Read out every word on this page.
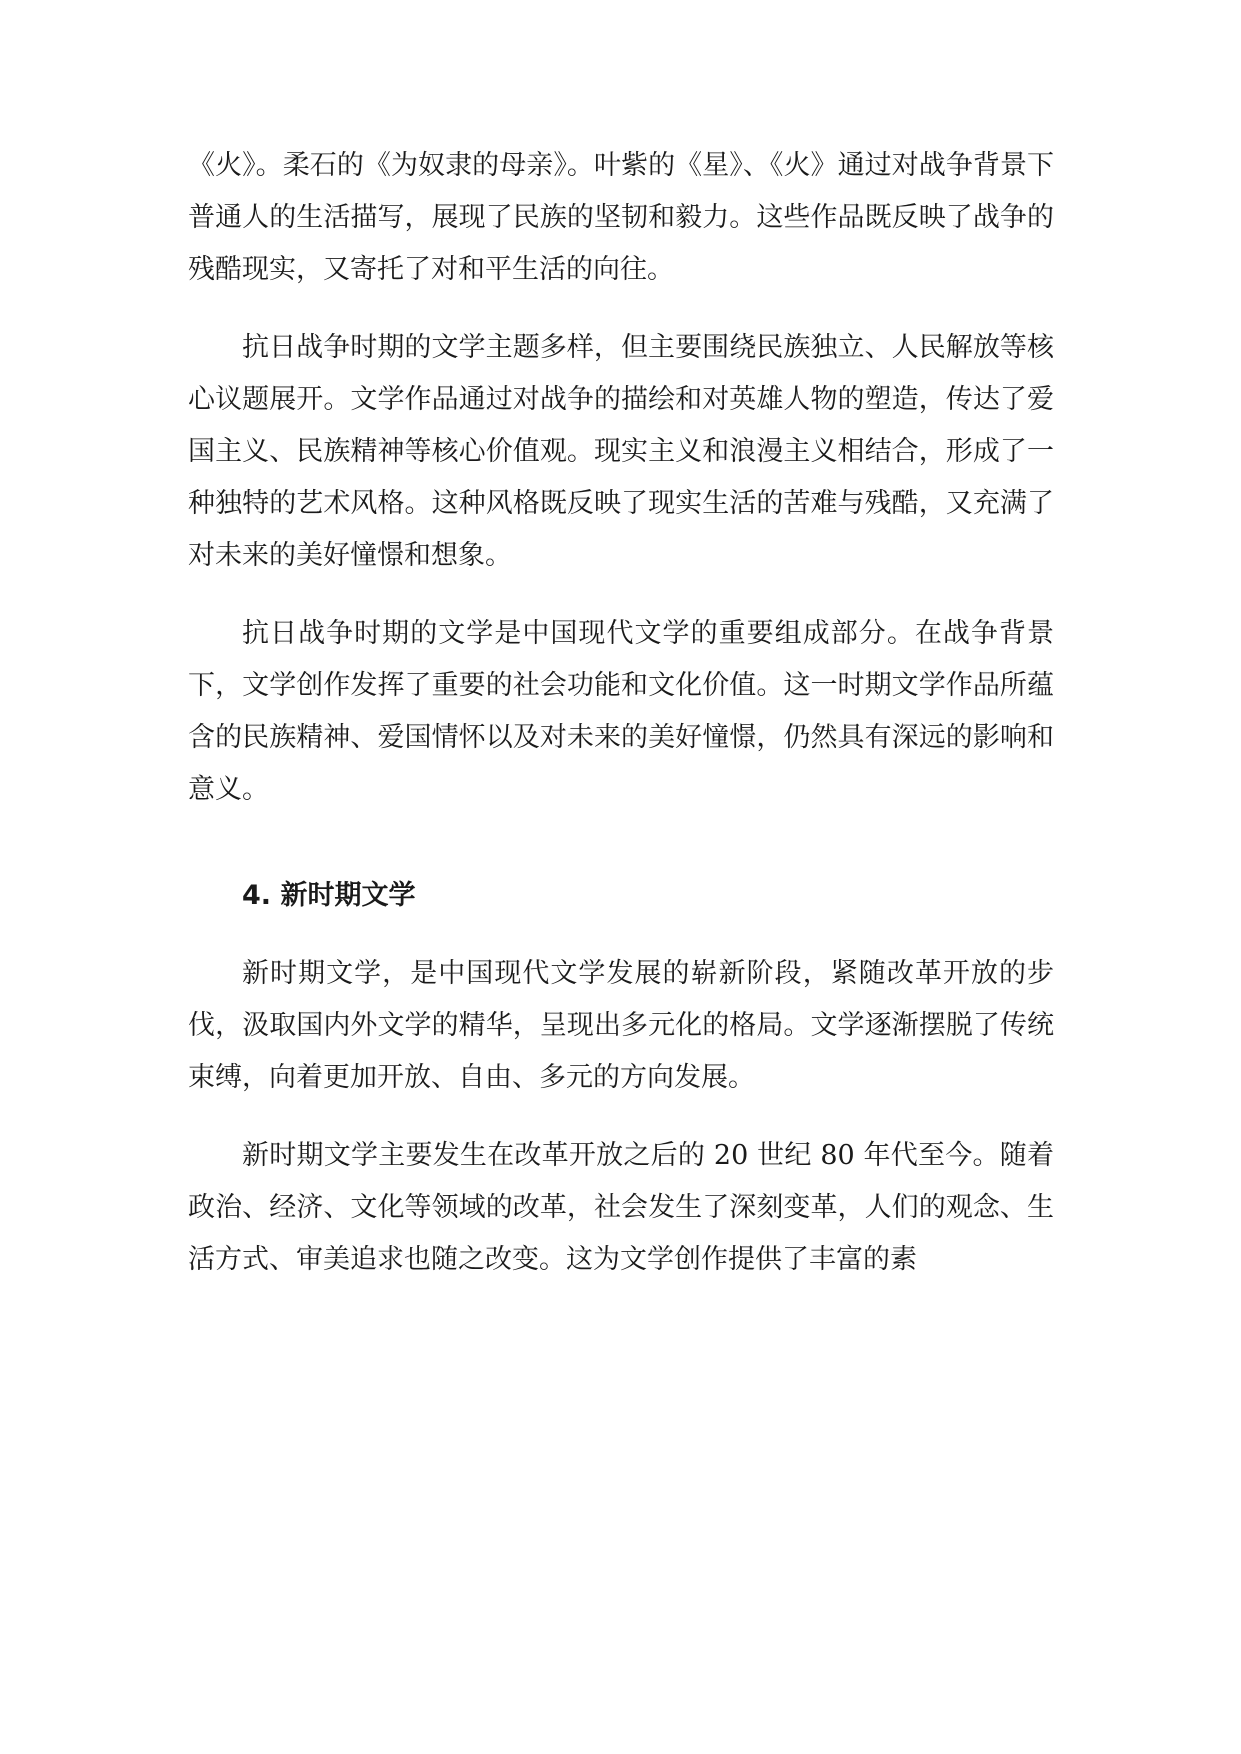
《火》。柔石的《为奴隶的母亲》。叶紫的《星》、《火》通过对战争背景下普通人的生活描写，展现了民族的坚韧和毅力。这些作品既反映了战争的残酷现实，又寄托了对和平生活的向往。

抗日战争时期的文学主题多样，但主要围绕民族独立、人民解放等核心议题展开。文学作品通过对战争的描绘和对英雄人物的塑造，传达了爱国主义、民族精神等核心价值观。现实主义和浪漫主义相结合，形成了一种独特的艺术风格。这种风格既反映了现实生活的苦难与残酷，又充满了对未来的美好憧憬和想象。

抗日战争时期的文学是中国现代文学的重要组成部分。在战争背景下，文学创作发挥了重要的社会功能和文化价值。这一时期文学作品所蕴含的民族精神、爱国情怀以及对未来的美好憧憬，仍然具有深远的影响和意义。

4. 新时期文学

新时期文学，是中国现代文学发展的崭新阶段，紧随改革开放的步伐，汲取国内外文学的精华，呈现出多元化的格局。文学逐渐摆脱了传统束缚，向着更加开放、自由、多元的方向发展。

新时期文学主要发生在改革开放之后的 20 世纪 80 年代至今。随着政治、经济、文化等领域的改革，社会发生了深刻变革，人们的观念、生活方式、审美追求也随之改变。这为文学创作提供了丰富的素
